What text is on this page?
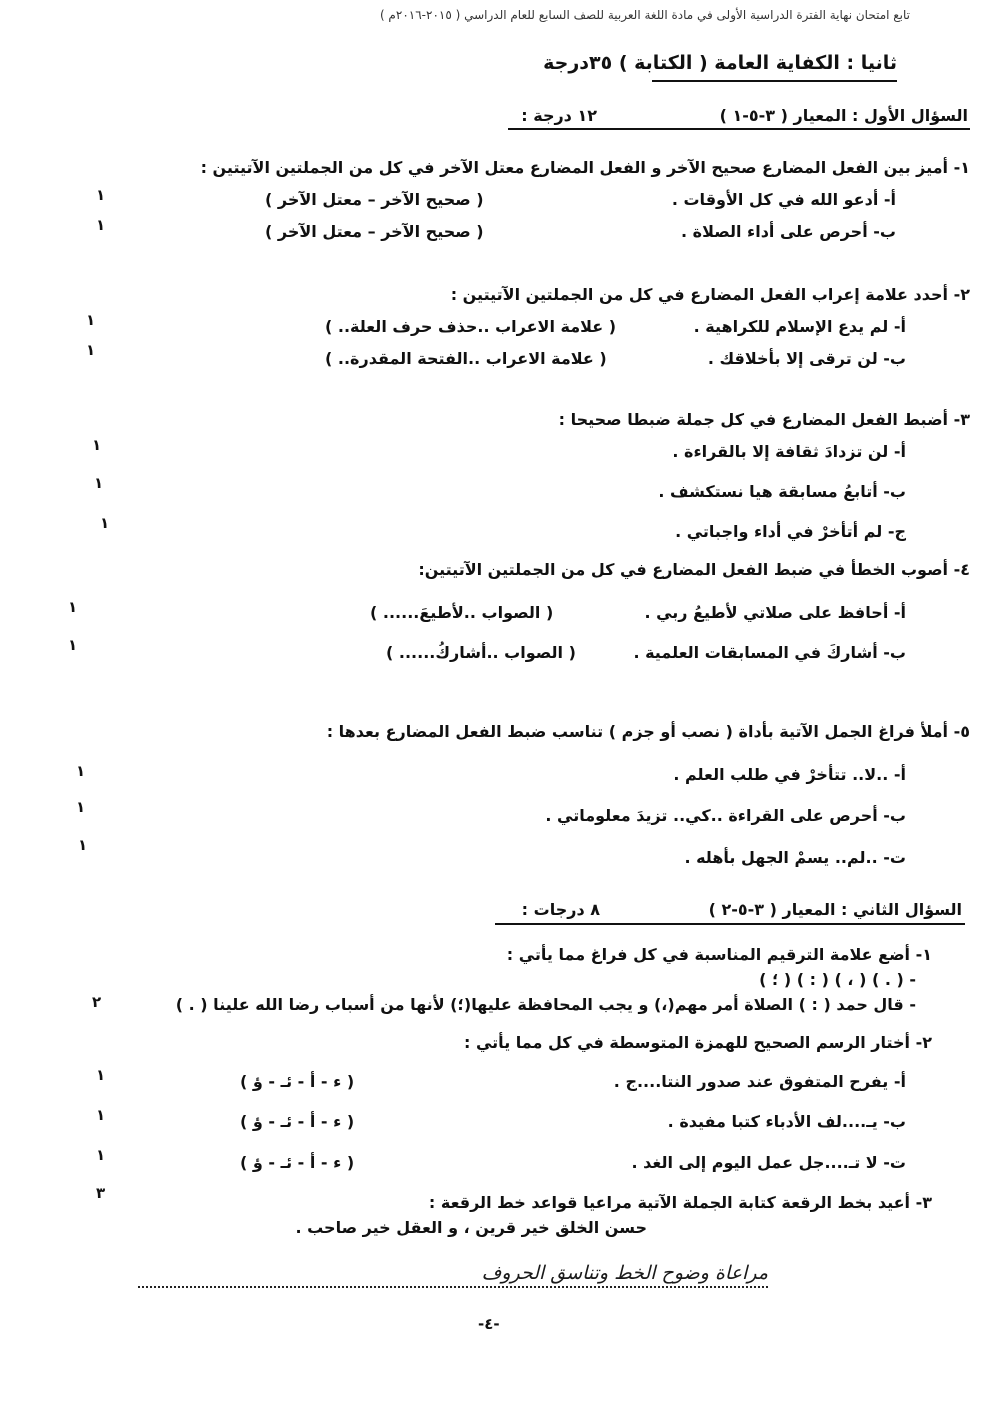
تابع امتحان نهاية الفترة الدراسية الأولى في مادة اللغة العربية للصف السابع للعام الدراسي ( ٢٠١٥-٢٠١٦م )
ثانيا : الكفاية العامة ( الكتابة ) ٣٥درجة
السؤال الأول : المعيار ( ٣-٥-١ )
١٢ درجة :
١- أميز بين الفعل المضارع صحيح الآخر و الفعل المضارع معتل الآخر في كل من الجملتين الآتيتين :
أ- أدعو الله في كل الأوقات .
( صحيح الآخر – معتل الآخر )
١
ب- أحرص على أداء الصلاة .
( صحيح الآخر – معتل الآخر )
١
٢- أحدد علامة إعراب الفعل المضارع في كل من الجملتين الآتيتين :
أ- لم يدع الإسلام للكراهية .
( علامة الاعراب ..حذف حرف العلة.. )
١
ب- لن ترقى إلا بأخلاقك .
( علامة الاعراب ..الفتحة المقدرة.. )
١
٣- أضبط الفعل المضارع في كل جملة ضبطا صحيحا :
أ- لن تزدادَ ثقافة إلا بالقراءة .
١
ب- أتابعُ مسابقة هيا نستكشف .
١
ج- لم أتأخرْ في أداء واجباتي .
١
٤- أصوب الخطأ في ضبط الفعل المضارع في كل من الجملتين الآتيتين:
أ- أحافظ على صلاتي لأطيعُ ربي .
( الصواب ..لأطيعَ...... )
١
ب- أشاركَ في المسابقات العلمية .
( الصواب ..أشاركُ...... )
١
٥- أملأ فراغ الجمل الآتية بأداة ( نصب أو جزم ) تناسب ضبط الفعل المضارع بعدها :
أ- ..لا.. تتأخرْ في طلب العلم .
١
ب- أحرص على القراءة ..كي.. تزيدَ معلوماتي .
١
ت- ..لم.. يسمْ الجهل بأهله .
١
السؤال الثاني : المعيار ( ٣-٥-٢ )
٨ درجات :
١- أضع علامة الترقيم المناسبة في كل فراغ مما يأتي :
- ( . ) ( ، ) ( : ) ( ؛ )
- قال حمد ( : ) الصلاة أمر مهم(،) و يجب المحافظة عليها(؛) لأنها من أسباب رضا الله علينا ( . )
٢
٢- أختار الرسم الصحيح للهمزة المتوسطة في كل مما يأتي :
أ- يفرح المتفوق عند صدور النتا....ج .
( ء - أ - ئـ - ؤ )
١
ب- يـ....لف الأدباء كتبا مفيدة .
( ء - أ - ئـ - ؤ )
١
ت- لا تـ....جل عمل اليوم إلى الغد .
( ء - أ - ئـ - ؤ )
١
٣- أعيد بخط الرقعة كتابة الجملة الآتية مراعيا قواعد خط الرقعة :
٣
حسن الخلق خير قرين ، و العقل خير صاحب .
مراعاة وضوح الخط وتناسق الحروف
-٤-
